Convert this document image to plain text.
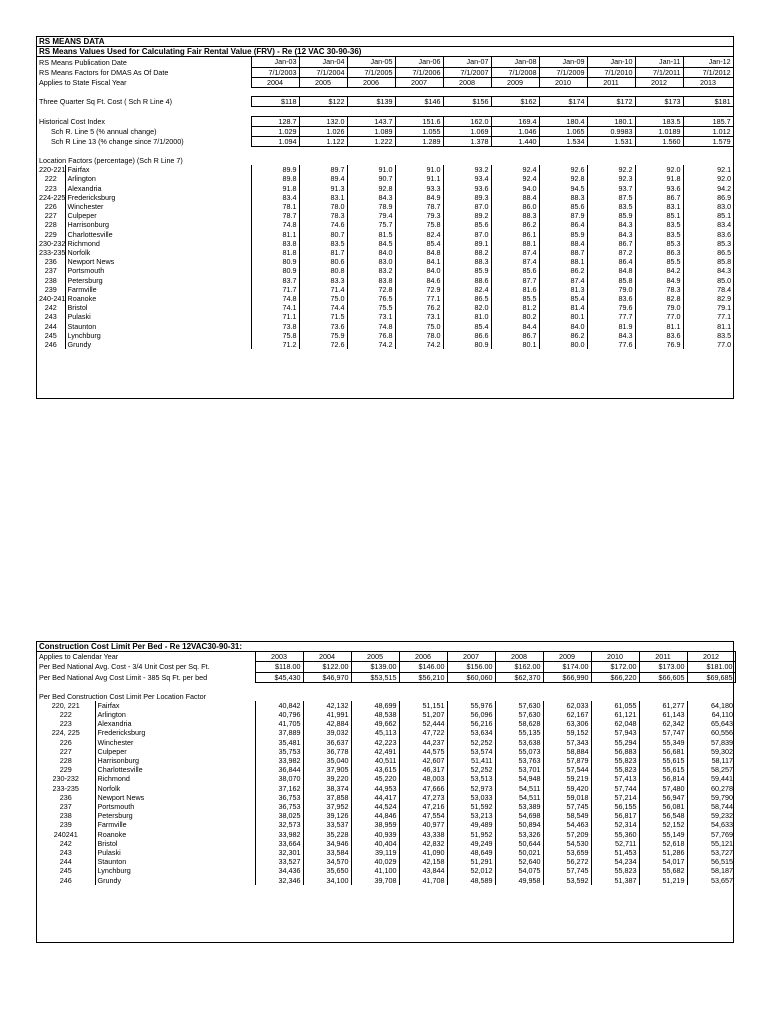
RS MEANS DATA											
RS Means Values Used for Calculating Fair Rental Value (FRV) - Re (12 VAC 30-90-36)											
RS Means Publication Date		Jan-03	Jan-04	Jan-05	Jan-06	Jan-07	Jan-08	Jan-09	Jan-10	Jan-11	Jan-12
RS Means Factors for DMAS As Of Date		7/1/2003	7/1/2004	7/1/2005	7/1/2006	7/1/2007	7/1/2008	7/1/2009	7/1/2010	7/1/2011	7/1/2012
Applies to State Fiscal Year		2004	2005	2006	2007	2008	2009	2010	2011	2012	2013

Three Quarter Sq Ft. Cost ( Sch R Line 4)		$118	$122	$139	$146	$156	$162	$174	$172	$173	$181

Historical Cost Index		128.7	132.0	143.7	151.6	162.0	169.4	180.4	180.1	183.5	185.7
Sch R. Line 5 (% annual change)		1.029	1.026	1.089	1.055	1.069	1.046	1.065	0.9983	1.0189	1.012
Sch R Line 13 (% change since 7/1/2000)		1.094	1.122	1.222	1.289	1.378	1.440	1.534	1.531	1.560	1.579

Location Factors (percentage) (Sch R Line 7)											
220-221	Fairfax	89.9	89.7	91.0	91.0	93.2	92.4	92.6	92.2	92.0	92.1
222	Arlington	89.8	89.4	90.7	91.1	93.4	92.4	92.8	92.3	91.8	92.0
223	Alexandria	91.8	91.3	92.8	93.3	93.6	94.0	94.5	93.7	93.6	94.2
224-225	Fredericksburg	83.4	83.1	84.3	84.9	89.3	88.4	88.3	87.5	86.7	86.9
226	Winchester	78.1	78.0	78.9	78.7	87.0	86.0	85.6	83.5	83.1	83.0
227	Culpeper	78.7	78.3	79.4	79.3	89.2	88.3	87.9	85.9	85.1	85.1
228	Harrisonburg	74.8	74.6	75.7	75.8	85.6	86.2	86.4	84.3	83.5	83.4
229	Charlottesville	81.1	80.7	81.5	82.4	87.0	86.1	85.9	84.3	83.5	83.6
230-232	Richmond	83.8	83.5	84.5	85.4	89.1	88.1	88.4	86.7	85.3	85.3
233-235	Norfolk	81.8	81.7	84.0	84.8	88.2	87.4	88.7	87.2	86.3	86.5
236	Newport News	80.9	80.6	83.0	84.1	88.3	87.4	88.1	86.4	85.5	85.8
237	Portsmouth	80.9	80.8	83.2	84.0	85.9	85.6	86.2	84.8	84.2	84.3
238	Petersburg	83.7	83.3	83.8	84.6	88.6	87.7	87.4	85.8	84.9	85.0
239	Farmville	71.7	71.4	72.8	72.9	82.4	81.6	81.3	79.0	78.3	78.4
240-241	Roanoke	74.8	75.0	76.5	77.1	86.5	85.5	85.4	83.6	82.8	82.9
242	Bristol	74.1	74.4	75.5	76.2	82.0	81.2	81.4	79.6	79.0	79.1
243	Pulaski	71.1	71.5	73.1	73.1	81.0	80.2	80.1	77.7	77.0	77.1
244	Staunton	73.8	73.6	74.8	75.0	85.4	84.4	84.0	81.9	81.1	81.1
245	Lynchburg	75.8	75.9	76.8	78.0	86.6	86.7	86.2	84.3	83.6	83.5
246	Grundy	71.2	72.6	74.2	74.2	80.9	80.1	80.0	77.6	76.9	77.0
Construction Cost Limit Per Bed - Re 12VAC30-90-31:											
Applies to Calendar Year		2003	2004	2005	2006	2007	2008	2009	2010	2011	2012
Per Bed National Avg. Cost - 3/4 Unit Cost per Sq. Ft.		$118.00	$122.00	$139.00	$146.00	$156.00	$162.00	$174.00	$172.00	$173.00	$181.00
Per Bed National Avg Cost Limit - 385 Sq Ft. per bed		$45,430	$46,970	$53,515	$56,210	$60,060	$62,370	$66,990	$66,220	$66,605	$69,685

Per Bed Construction Cost Limit Per Location Factor											
220, 221	Fairfax	40,842	42,132	48,699	51,151	55,976	57,630	62,033	61,055	61,277	64,180
222	Arlington	40,796	41,991	48,538	51,207	56,096	57,630	62,167	61,121	61,143	64,110
223	Alexandria	41,705	42,884	49,662	52,444	56,216	58,628	63,306	62,048	62,342	65,643
224, 225	Fredericksburg	37,889	39,032	45,113	47,722	53,634	55,135	59,152	57,943	57,747	60,556
226	Winchester	35,481	36,637	42,223	44,237	52,252	53,638	57,343	55,294	55,349	57,839
227	Culpeper	35,753	36,778	42,491	44,575	53,574	55,073	58,884	56,883	56,681	59,302
228	Harrisonburg	33,982	35,040	40,511	42,607	51,411	53,763	57,879	55,823	55,615	58,117
229	Charlottesville	36,844	37,905	43,615	46,317	52,252	53,701	57,544	55,823	55,615	58,257
230-232	Richmond	38,070	39,220	45,220	48,003	53,513	54,948	59,219	57,413	56,814	59,441
233-235	Norfolk	37,162	38,374	44,953	47,666	52,973	54,511	59,420	57,744	57,480	60,278
236	Newport News	36,753	37,858	44,417	47,273	53,033	54,511	59,018	57,214	56,947	59,790
237	Portsmouth	36,753	37,952	44,524	47,216	51,592	53,389	57,745	56,155	56,081	58,744
238	Petersburg	38,025	39,126	44,846	47,554	53,213	54,698	58,549	56,817	56,548	59,232
239	Farmville	32,573	33,537	38,959	40,977	49,489	50,894	54,463	52,314	52,152	54,633
240241	Roanoke	33,982	35,228	40,939	43,338	51,952	53,326	57,209	55,360	55,149	57,769
242	Bristol	33,664	34,946	40,404	42,832	49,249	50,644	54,530	52,711	52,618	55,121
243	Pulaski	32,301	33,584	39,119	41,090	48,649	50,021	53,659	51,453	51,286	53,727
244	Staunton	33,527	34,570	40,029	42,158	51,291	52,640	56,272	54,234	54,017	56,515
245	Lynchburg	34,436	35,650	41,100	43,844	52,012	54,075	57,745	55,823	55,682	58,187
246	Grundy	32,346	34,100	39,708	41,708	48,589	49,958	53,592	51,387	51,219	53,657
